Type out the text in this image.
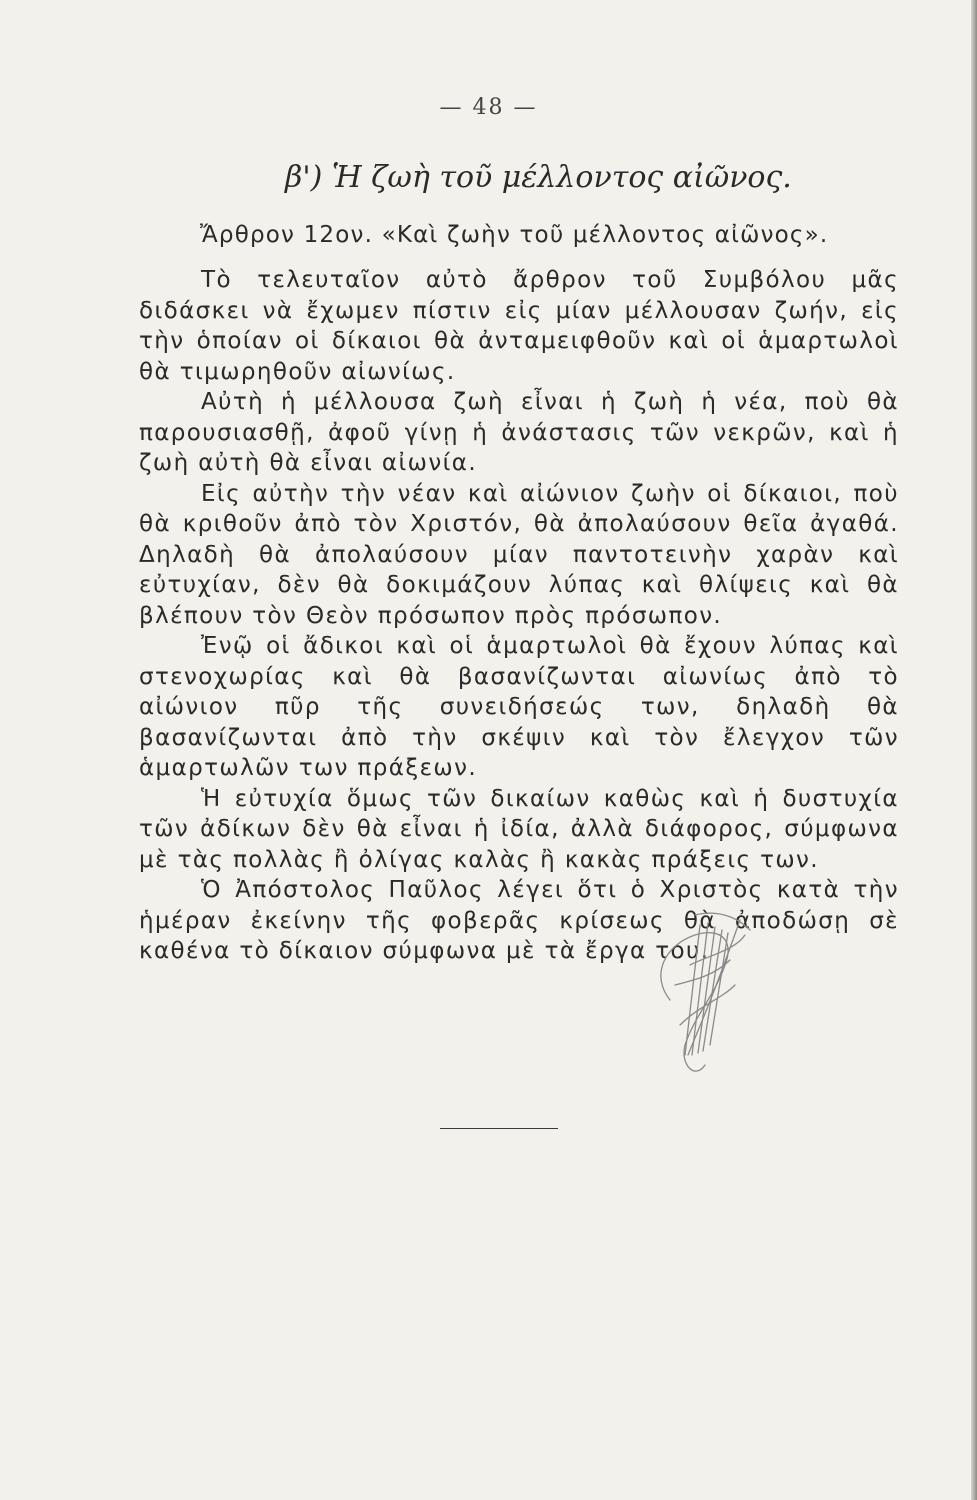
— 48 —
β') Ἡ ζωὴ τοῦ μέλλοντος αἰῶνος.
Ἄρθρον 12ον. «Καὶ ζωὴν τοῦ μέλλοντος αἰῶνος».

Τὸ τελευταῖον αὐτὸ ἄρθρον τοῦ Συμβόλου μᾶς διδάσκει νὰ ἔχωμεν πίστιν εἰς μίαν μέλλουσαν ζωήν, εἰς τὴν ὁποίαν οἱ δίκαιοι θὰ ἀνταμειφθοῦν καὶ οἱ ἁμαρτωλοὶ θὰ τιμωρηθοῦν αἰωνίως.

Αὐτὴ ἡ μέλλουσα ζωὴ εἶναι ἡ ζωὴ ἡ νέα, ποὺ θὰ παρουσιασθῇ, ἀφοῦ γίνῃ ἡ ἀνάστασις τῶν νεκρῶν, καὶ ἡ ζωὴ αὐτὴ θὰ εἶναι αἰωνία.

Εἰς αὐτὴν τὴν νέαν καὶ αἰώνιον ζωὴν οἱ δίκαιοι, ποὺ θὰ κριθοῦν ἀπὸ τὸν Χριστόν, θὰ ἀπολαύσουν θεῖα ἀγαθά. Δηλαδὴ θὰ ἀπολαύσουν μίαν παντοτεινὴν χαρὰν καὶ εὐτυχίαν, δὲν θὰ δοκιμάζουν λύπας καὶ θλίψεις καὶ θὰ βλέπουν τὸν Θεὸν πρόσωπον πρὸς πρόσωπον.

Ἐνῷ οἱ ἄδικοι καὶ οἱ ἁμαρτωλοὶ θὰ ἔχουν λύπας καὶ στενοχωρίας καὶ θὰ βασανίζωνται αἰωνίως ἀπὸ τὸ αἰώνιον πῦρ τῆς συνειδήσεώς των, δηλαδὴ θὰ βασανίζωνται ἀπὸ τὴν σκέψιν καὶ τὸν ἔλεγχον τῶν ἁμαρτωλῶν των πράξεων.

Ἡ εὐτυχία ὅμως τῶν δικαίων καθὼς καὶ ἡ δυστυχία τῶν ἀδίκων δὲν θὰ εἶναι ἡ ἰδία, ἀλλὰ διάφορος, σύμφωνα μὲ τὰς πολλὰς ἢ ὀλίγας καλὰς ἢ κακὰς πράξεις των.

Ὁ Ἀπόστολος Παῦλος λέγει ὅτι ὁ Χριστὸς κατὰ τὴν ἡμέραν ἐκείνην τῆς φοβερᾶς κρίσεως θὰ ἀποδώσῃ σὲ καθένα τὸ δίκαιον σύμφωνα μὲ τὰ ἔργα του.
